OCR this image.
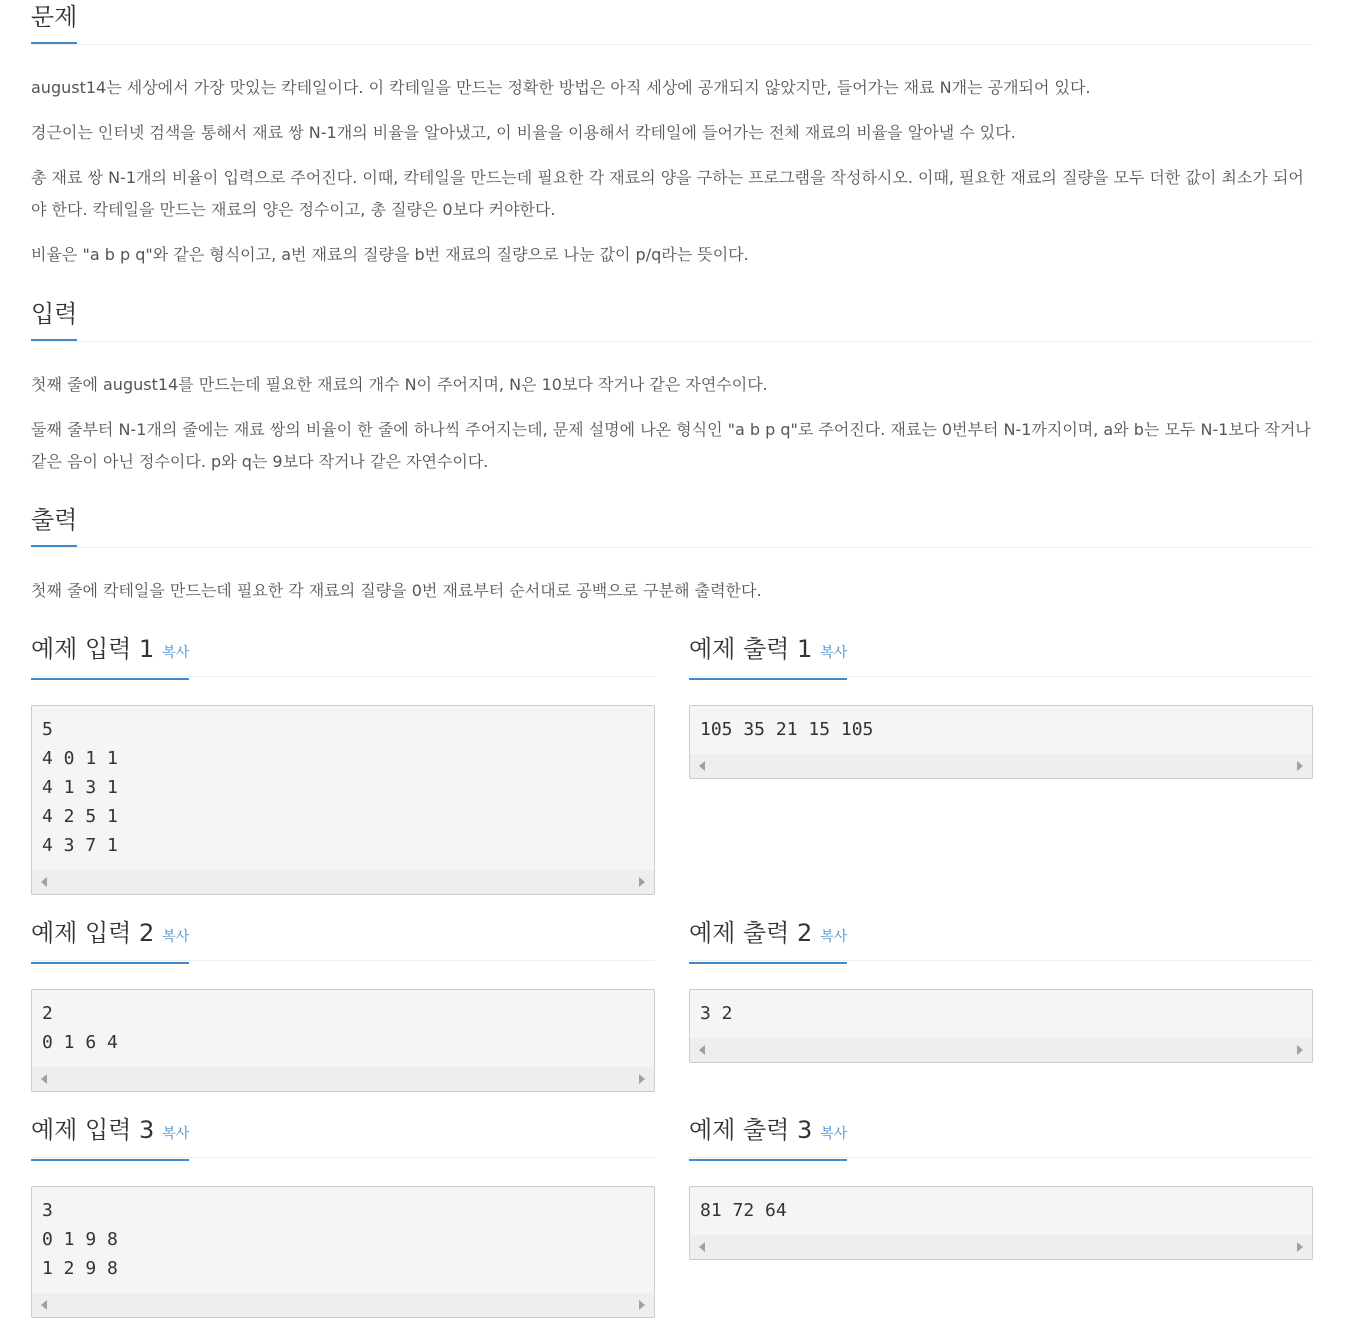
문제

august14는 세상에서 가장 맛있는 칵테일이다. 이 칵테일을 만드는 정확한 방법은 아직 세상에 공개되지 않았지만, 들어가는 재료 N개는 공개되어 있다.

경근이는 인터넷 검색을 통해서 재료 쌍 N-1개의 비율을 알아냈고, 이 비율을 이용해서 칵테일에 들어가는 전체 재료의 비율을 알아낼 수 있다.

총 재료 쌍 N-1개의 비율이 입력으로 주어진다. 이때, 칵테일을 만드는데 필요한 각 재료의 양을 구하는 프로그램을 작성하시오. 이때, 필요한 재료의 질량을 모두 더한 값이 최소가 되어야 한다. 칵테일을 만드는 재료의 양은 정수이고, 총 질량은 0보다 커야한다.

비율은 "a b p q"와 같은 형식이고, a번 재료의 질량을 b번 재료의 질량으로 나눈 값이 p/q라는 뜻이다.

입력

첫째 줄에 august14를 만드는데 필요한 재료의 개수 N이 주어지며, N은 10보다 작거나 같은 자연수이다.

둘째 줄부터 N-1개의 줄에는 재료 쌍의 비율이 한 줄에 하나씩 주어지는데, 문제 설명에 나온 형식인 "a b p q"로 주어진다. 재료는 0번부터 N-1까지이며, a와 b는 모두 N-1보다 작거나 같은 음이 아닌 정수이다. p와 q는 9보다 작거나 같은 자연수이다.

출력

첫째 줄에 칵테일을 만드는데 필요한 각 재료의 질량을 0번 재료부터 순서대로 공백으로 구분해 출력한다.

예제 입력 1 복사
5
4 0 1 1
4 1 3 1
4 2 5 1
4 3 7 1
예제 출력 1 복사
105 35 21 15 105
예제 입력 2 복사
2
0 1 6 4
예제 출력 2 복사
3 2
예제 입력 3 복사
3
0 1 9 8
1 2 9 8
예제 출력 3 복사
81 72 64
